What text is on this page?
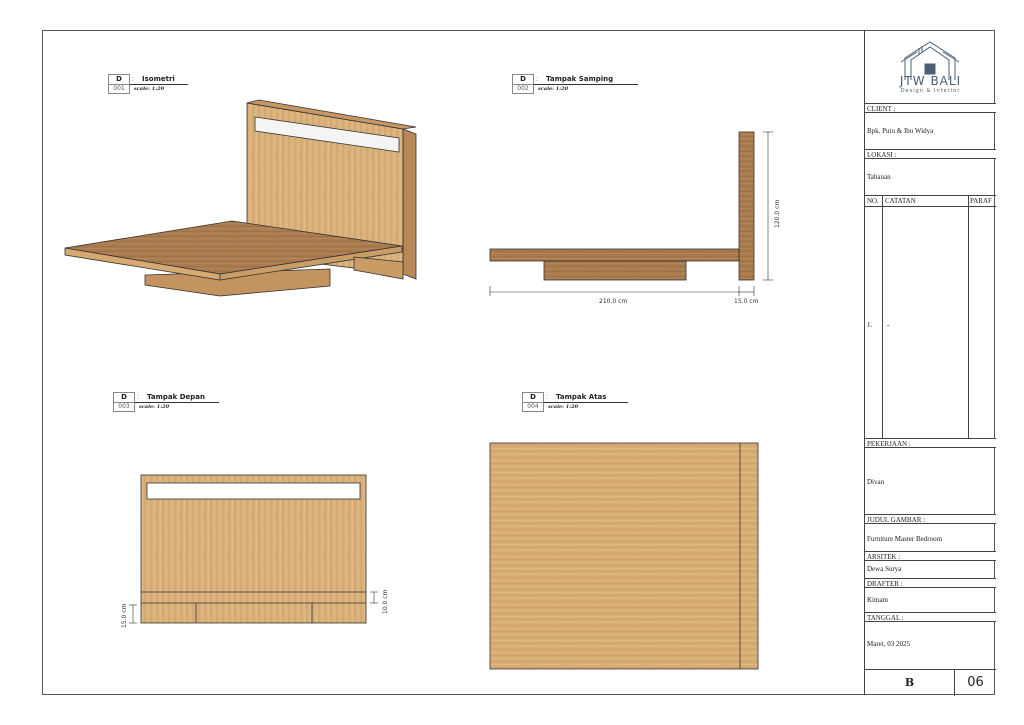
D
001
: Isometri
scale: 1:20
D
002
: Tampak Samping
scale: 1:20
D
003
: Tampak Depan
scale: 1:20
D
004
: Tampak Atas
scale: 1:20
210.0 cm	15.0 cm
120.0 cm
15.0 cm
10.0 cm
JTW BALI
Design & Interior
CLIENT :
Bpk. Putu & Ibu Widya
LOKASI :
Tabanan
NO. CATATAN	PARAF
1. -
PEKERJAAN :
Divan
JUDUL GAMBAR :
Furniture Master Bedroom
ARSITEK :
Dewa Surya
DRAFTER :
Kimam
TANGGAL :
Maret, 03 2025
B	06
